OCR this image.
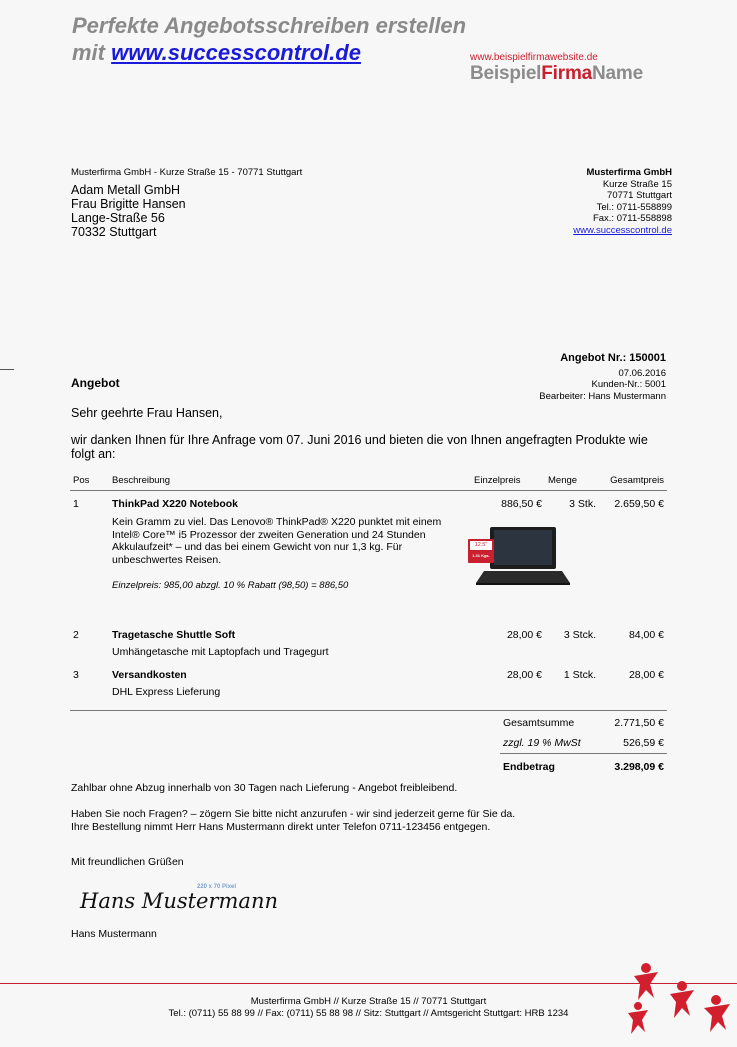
Perfekte Angebotsschreiben erstellen
mit www.successcontrol.de	www.beispielfirmawebsite.de
BeispielFirmaName
Musterfirma GmbH - Kurze Straße 15 - 70771 Stuttgart
Adam Metall GmbH
Frau Brigitte Hansen
Lange-Straße 56
70332 Stuttgart
Musterfirma GmbH
Kurze Straße 15
70771 Stuttgart
Tel.: 0711-558899
Fax.: 0711-558898
www.successcontrol.de
Angebot Nr.: 150001
07.06.2016
Kunden-Nr.: 5001
Bearbeiter: Hans Mustermann
Angebot
Sehr geehrte Frau Hansen,
wir danken Ihnen für Ihre Anfrage vom 07. Juni 2016 und bieten die von Ihnen angefragten Produkte wie folgt an:
Pos	Beschreibung	Einzelpreis	Menge	Gesamtpreis
1	ThinkPad X220 Notebook
Kein Gramm zu viel. Das Lenovo® ThinkPad® X220 punktet mit einem Intel® Core™ i5 Prozessor der zweiten Generation und 24 Stunden Akkulaufzeit* – und das bei einem Gewicht von nur 1,3 kg. Für unbeschwertes Reisen.
Einzelpreis: 985,00 abzgl. 10 % Rabatt (98,50) = 886,50
12.5"
1.31 Kgs.	886,50 €	3 Stk.	2.659,50 €
2	Tragetasche Shuttle Soft
Umhängetasche mit Laptopfach und Tragegurt	28,00 €	3 Stck.	84,00 €
3	Versandkosten
DHL Express Lieferung	28,00 €	1 Stck.	28,00 €
Gesamtsumme	2.771,50 €
zzgl. 19 % MwSt	526,59 €
Endbetrag	3.298,09 €
Zahlbar ohne Abzug innerhalb von 30 Tagen nach Lieferung - Angebot freibleibend.
Haben Sie noch Fragen? – zögern Sie bitte nicht anzurufen - wir sind jederzeit gerne für Sie da.
Ihre Bestellung nimmt Herr Hans Mustermann direkt unter Telefon 0711-123456 entgegen.
Mit freundlichen Grüßen
Hans Mustermann
220 x 70 Pixel
Hans Mustermann
Musterfirma GmbH // Kurze Straße 15 // 70771 Stuttgart
Tel.: (0711) 55 88 99 // Fax: (0711) 55 88 98 // Sitz: Stuttgart // Amtsgericht Stuttgart: HRB 1234
